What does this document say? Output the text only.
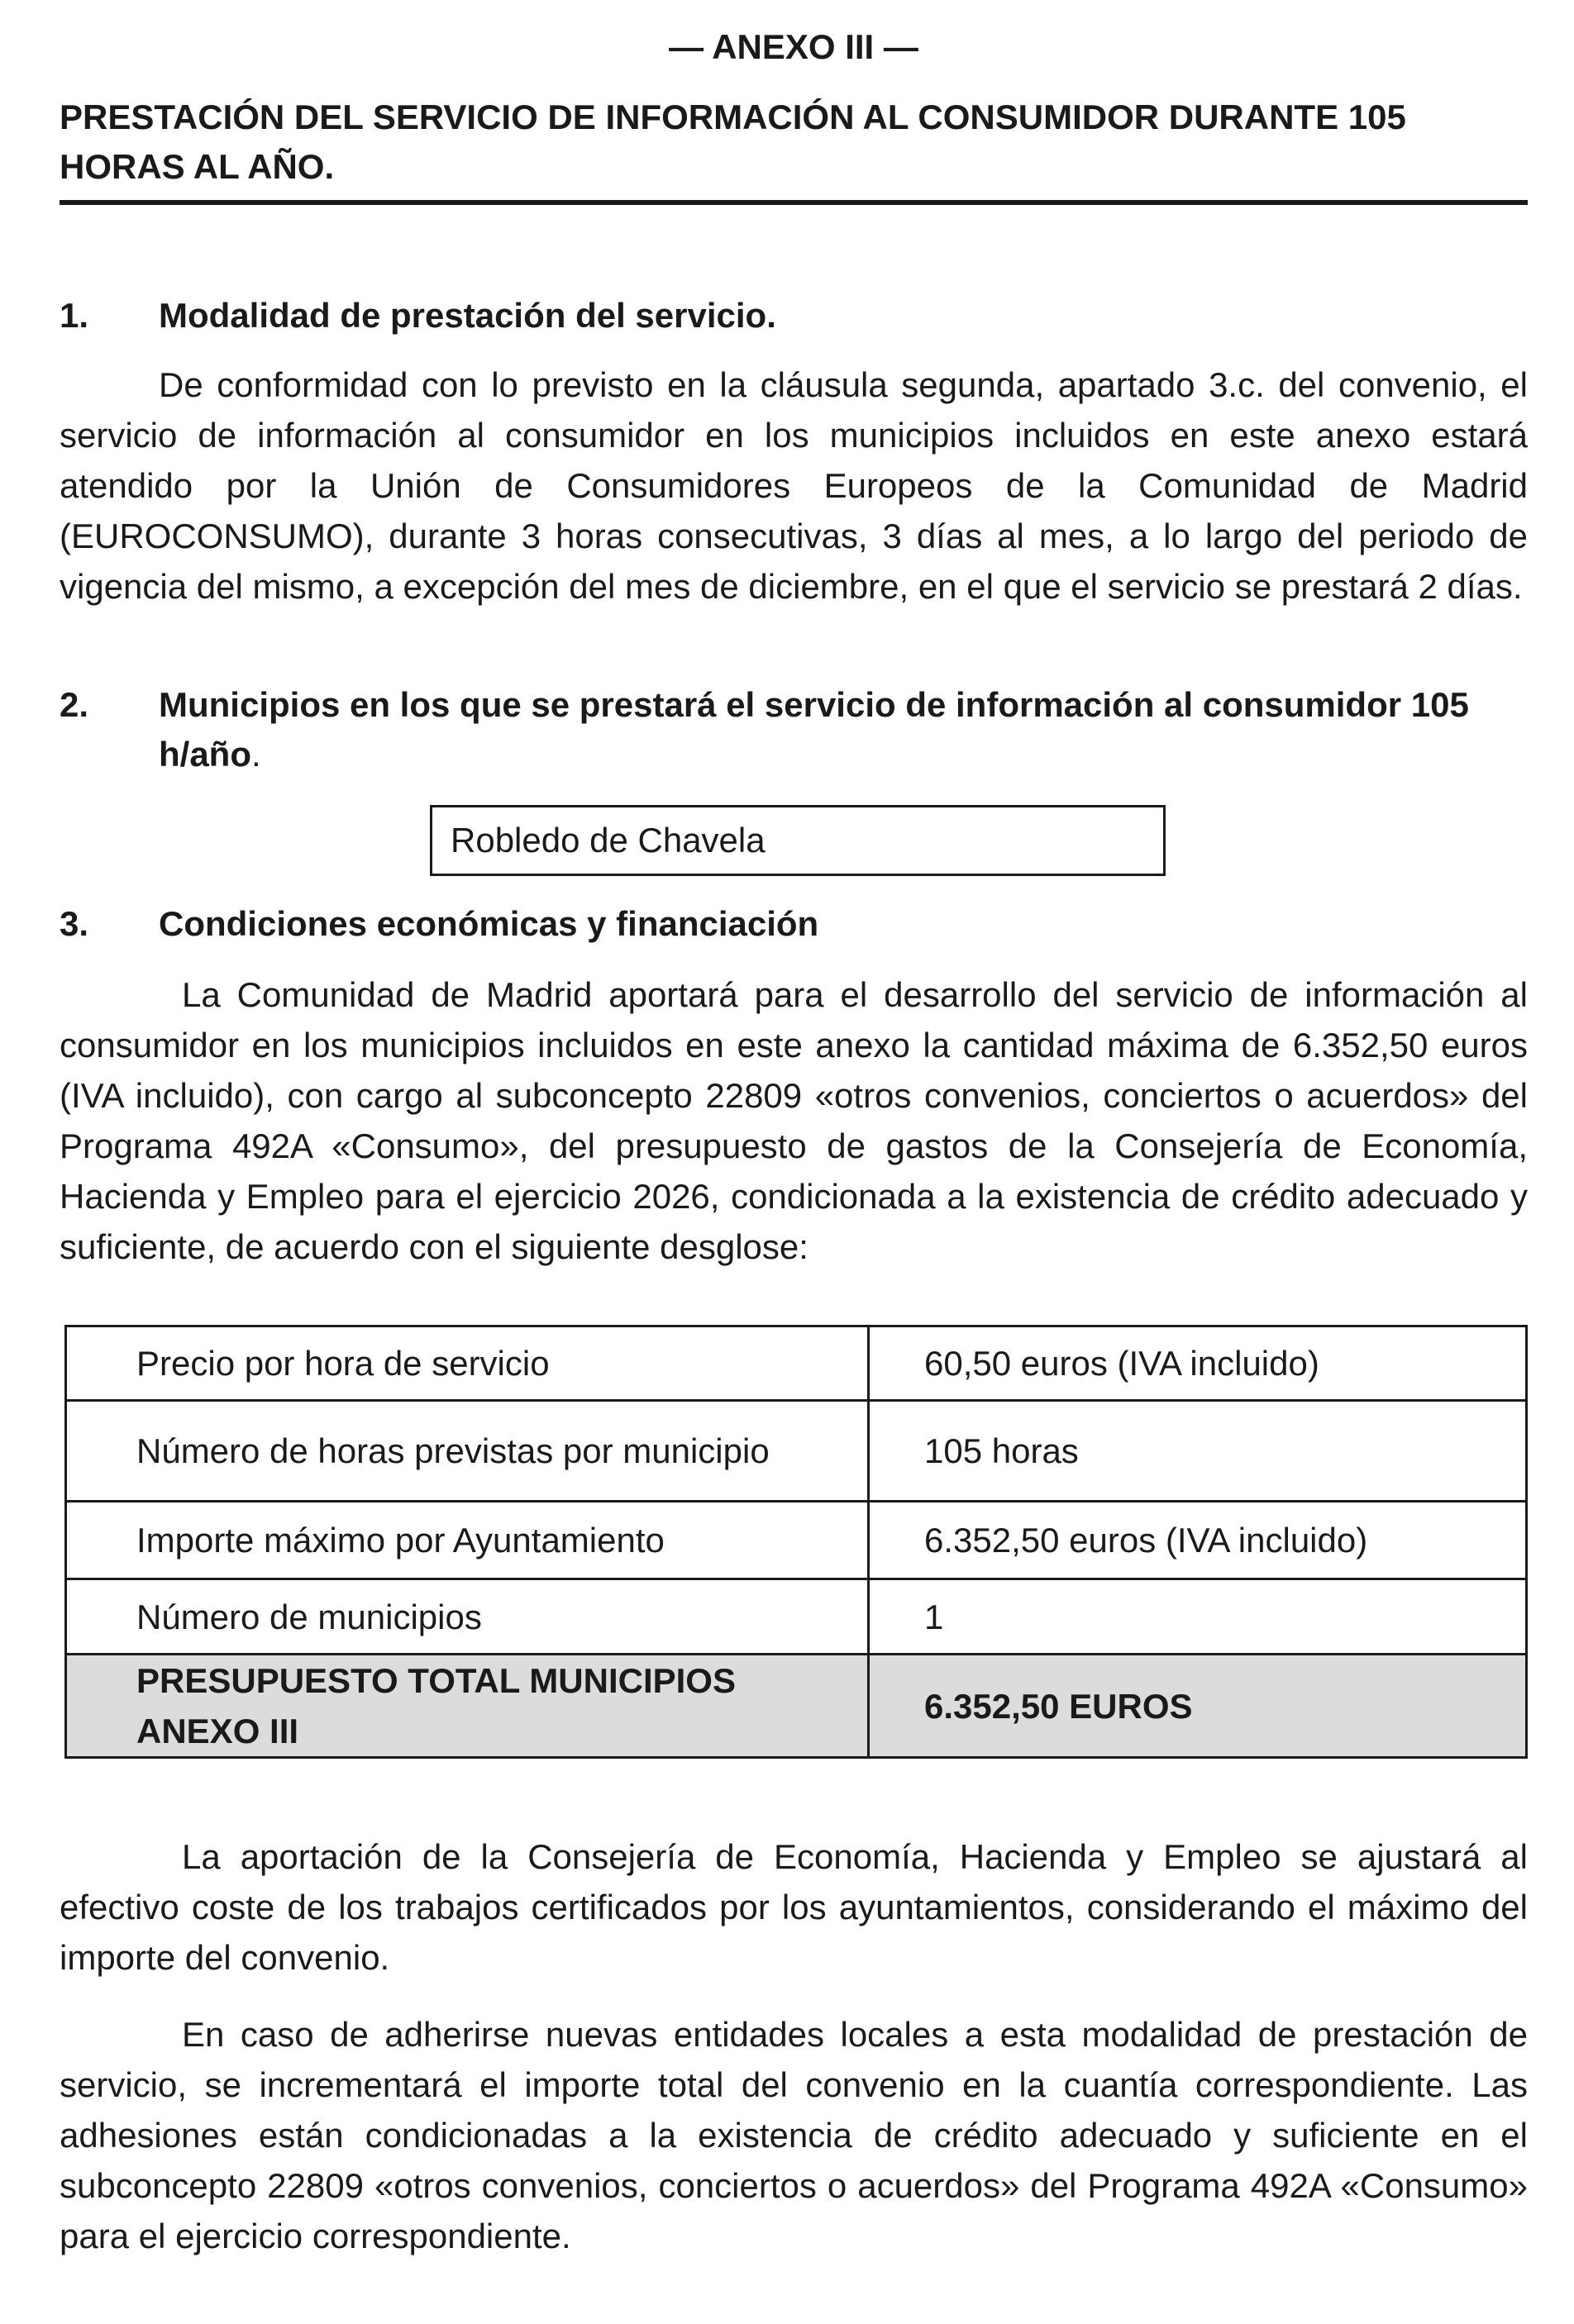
— ANEXO III —
PRESTACIÓN DEL SERVICIO DE INFORMACIÓN AL CONSUMIDOR DURANTE 105 HORAS AL AÑO.
1. Modalidad de prestación del servicio.

De conformidad con lo previsto en la cláusula segunda, apartado 3.c. del convenio, el servicio de información al consumidor en los municipios incluidos en este anexo estará atendido por la Unión de Consumidores Europeos de la Comunidad de Madrid (EUROCONSUMO), durante 3 horas consecutivas, 3 días al mes, a lo largo del periodo de vigencia del mismo, a excepción del mes de diciembre, en el que el servicio se prestará 2 días.

2. Municipios en los que se prestará el servicio de información al consumidor 105 h/año.
Robledo de Chavela
3. Condiciones económicas y financiación

La Comunidad de Madrid aportará para el desarrollo del servicio de información al consumidor en los municipios incluidos en este anexo la cantidad máxima de 6.352,50 euros (IVA incluido), con cargo al subconcepto 22809 «otros convenios, conciertos o acuerdos» del Programa 492A «Consumo», del presupuesto de gastos de la Consejería de Economía, Hacienda y Empleo para el ejercicio 2026, condicionada a la existencia de crédito adecuado y suficiente, de acuerdo con el siguiente desglose:

Precio por hora de servicio	60,50 euros (IVA incluido)
Número de horas previstas por municipio	105 horas
Importe máximo por Ayuntamiento	6.352,50 euros (IVA incluido)
Número de municipios	1
PRESUPUESTO TOTAL MUNICIPIOS ANEXO III	6.352,50 EUROS

La aportación de la Consejería de Economía, Hacienda y Empleo se ajustará al efectivo coste de los trabajos certificados por los ayuntamientos, considerando el máximo del importe del convenio.

En caso de adherirse nuevas entidades locales a esta modalidad de prestación de servicio, se incrementará el importe total del convenio en la cuantía correspondiente. Las adhesiones están condicionadas a la existencia de crédito adecuado y suficiente en el subconcepto 22809 «otros convenios, conciertos o acuerdos» del Programa 492A «Consumo» para el ejercicio correspondiente.
